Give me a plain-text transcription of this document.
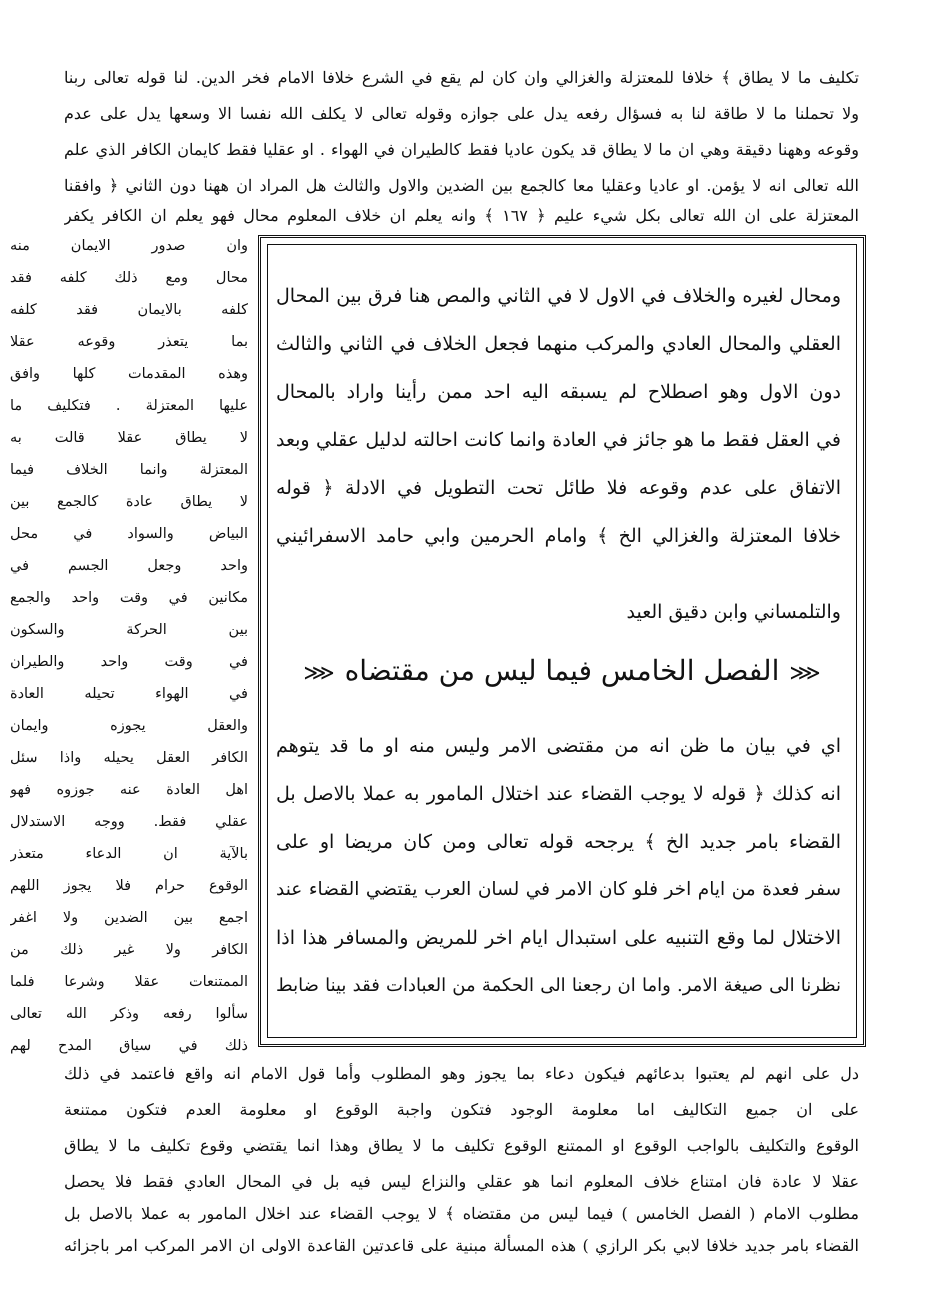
تكليف ما لا يطاق ﴾ خلافا للمعتزلة والغزالي وان كان لم يقع في الشرع خلافا الامام فخر الدين. لنا قوله تعالى ربنا
ولا تحملنا ما لا طاقة لنا به فسؤال رفعه يدل على جوازه وقوله تعالى لا يكلف الله نفسا الا وسعها يدل على عدم
وقوعه وههنا دقيقة وهي ان ما لا يطاق قد يكون عاديا فقط كالطيران في الهواء . او عقليا فقط كايمان الكافر الذي علم
الله تعالى انه لا يؤمن. او عاديا وعقليا معا كالجمع بين الضدين والاول والثالث هل المراد ان ههنا دون الثاني ﴿ وافقنا
المعتزلة على ان الله تعالى بكل شيء عليم ﴿ ١٦٧ ﴾ وانه يعلم ان خلاف المعلوم محال فهو يعلم ان الكافر يكفر
ومحال لغيره والخلاف في الاول لا في الثاني والمص هنا فرق بين المحال
العقلي والمحال العادي والمركب منهما فجعل الخلاف في الثاني والثالث
دون الاول وهو اصطلاح لم يسبقه اليه احد ممن رأينا واراد بالمحال
في العقل فقط ما هو جائز في العادة وانما كانت احالته لدليل عقلي وبعد
الاتفاق على عدم وقوعه فلا طائل تحت التطويل في الادلة ﴿ قوله
خلافا المعتزلة والغزالي الخ ﴾ وامام الحرمين وابي حامد الاسفرائيني
والتلمساني وابن دقيق العيد
⋘الفصل الخامس فيما ليس من مقتضاه⋘
اي في بيان ما ظن انه من مقتضى الامر وليس منه او ما قد يتوهم
انه كذلك ﴿ قوله لا يوجب القضاء عند اختلال المامور به عملا بالاصل بل
القضاء بامر جديد الخ ﴾ يرجحه قوله تعالى ومن كان مريضا او على
سفر فعدة من ايام اخر فلو كان الامر في لسان العرب يقتضي القضاء عند
الاختلال لما وقع التنبيه على استبدال ايام اخر للمريض والمسافر هذا اذا
نظرنا الى صيغة الامر. واما ان رجعنا الى الحكمة من العبادات فقد بينا ضابط
وان صدور الايمان منه
محال ومع ذلك كلفه فقد
كلفه بالايمان فقد كلفه
بما يتعذر وقوعه عقلا
وهذه المقدمات كلها وافق
عليها المعتزلة . فتكليف ما
لا يطاق عقلا قالت به
المعتزلة وانما الخلاف فيما
لا يطاق عادة كالجمع بين
البياض والسواد في محل
واحد وجعل الجسم في
مكانين في وقت واحد والجمع
بين الحركة والسكون
في وقت واحد والطيران
في الهواء تحيله العادة
والعقل يجوزه وايمان
الكافر العقل يحيله واذا سئل
اهل العادة عنه جوزوه فهو
عقلي فقط. ووجه الاستدلال
بالآية ان الدعاء متعذر
الوقوع حرام فلا يجوز اللهم
اجمع بين الضدين ولا اغفر
الكافر ولا غير ذلك من
الممتنعات عقلا وشرعا فلما
سألوا رفعه وذكر الله تعالى
ذلك في سياق المدح لهم
دل على انهم لم يعتبوا بدعائهم فيكون دعاء بما يجوز وهو المطلوب وأما قول الامام انه واقع فاعتمد في ذلك
على ان جميع التكاليف اما معلومة الوجود فتكون واجبة الوقوع او معلومة العدم فتكون ممتنعة
الوقوع والتكليف بالواجب الوقوع او الممتنع الوقوع تكليف ما لا يطاق وهذا انما يقتضي وقوع تكليف ما لا يطاق
عقلا لا عادة فان امتناع خلاف المعلوم انما هو عقلي والنزاع ليس فيه بل في المحال العادي فقط فلا يحصل
مطلوب الامام ( الفصل الخامس ) فيما ليس من مقتضاه ﴾ لا يوجب القضاء عند اخلال المامور به عملا بالاصل بل
القضاء بامر جديد خلافا لابي بكر الرازي ) هذه المسألة مبنية على قاعدتين القاعدة الاولى ان الامر المركب امر باجزائه
